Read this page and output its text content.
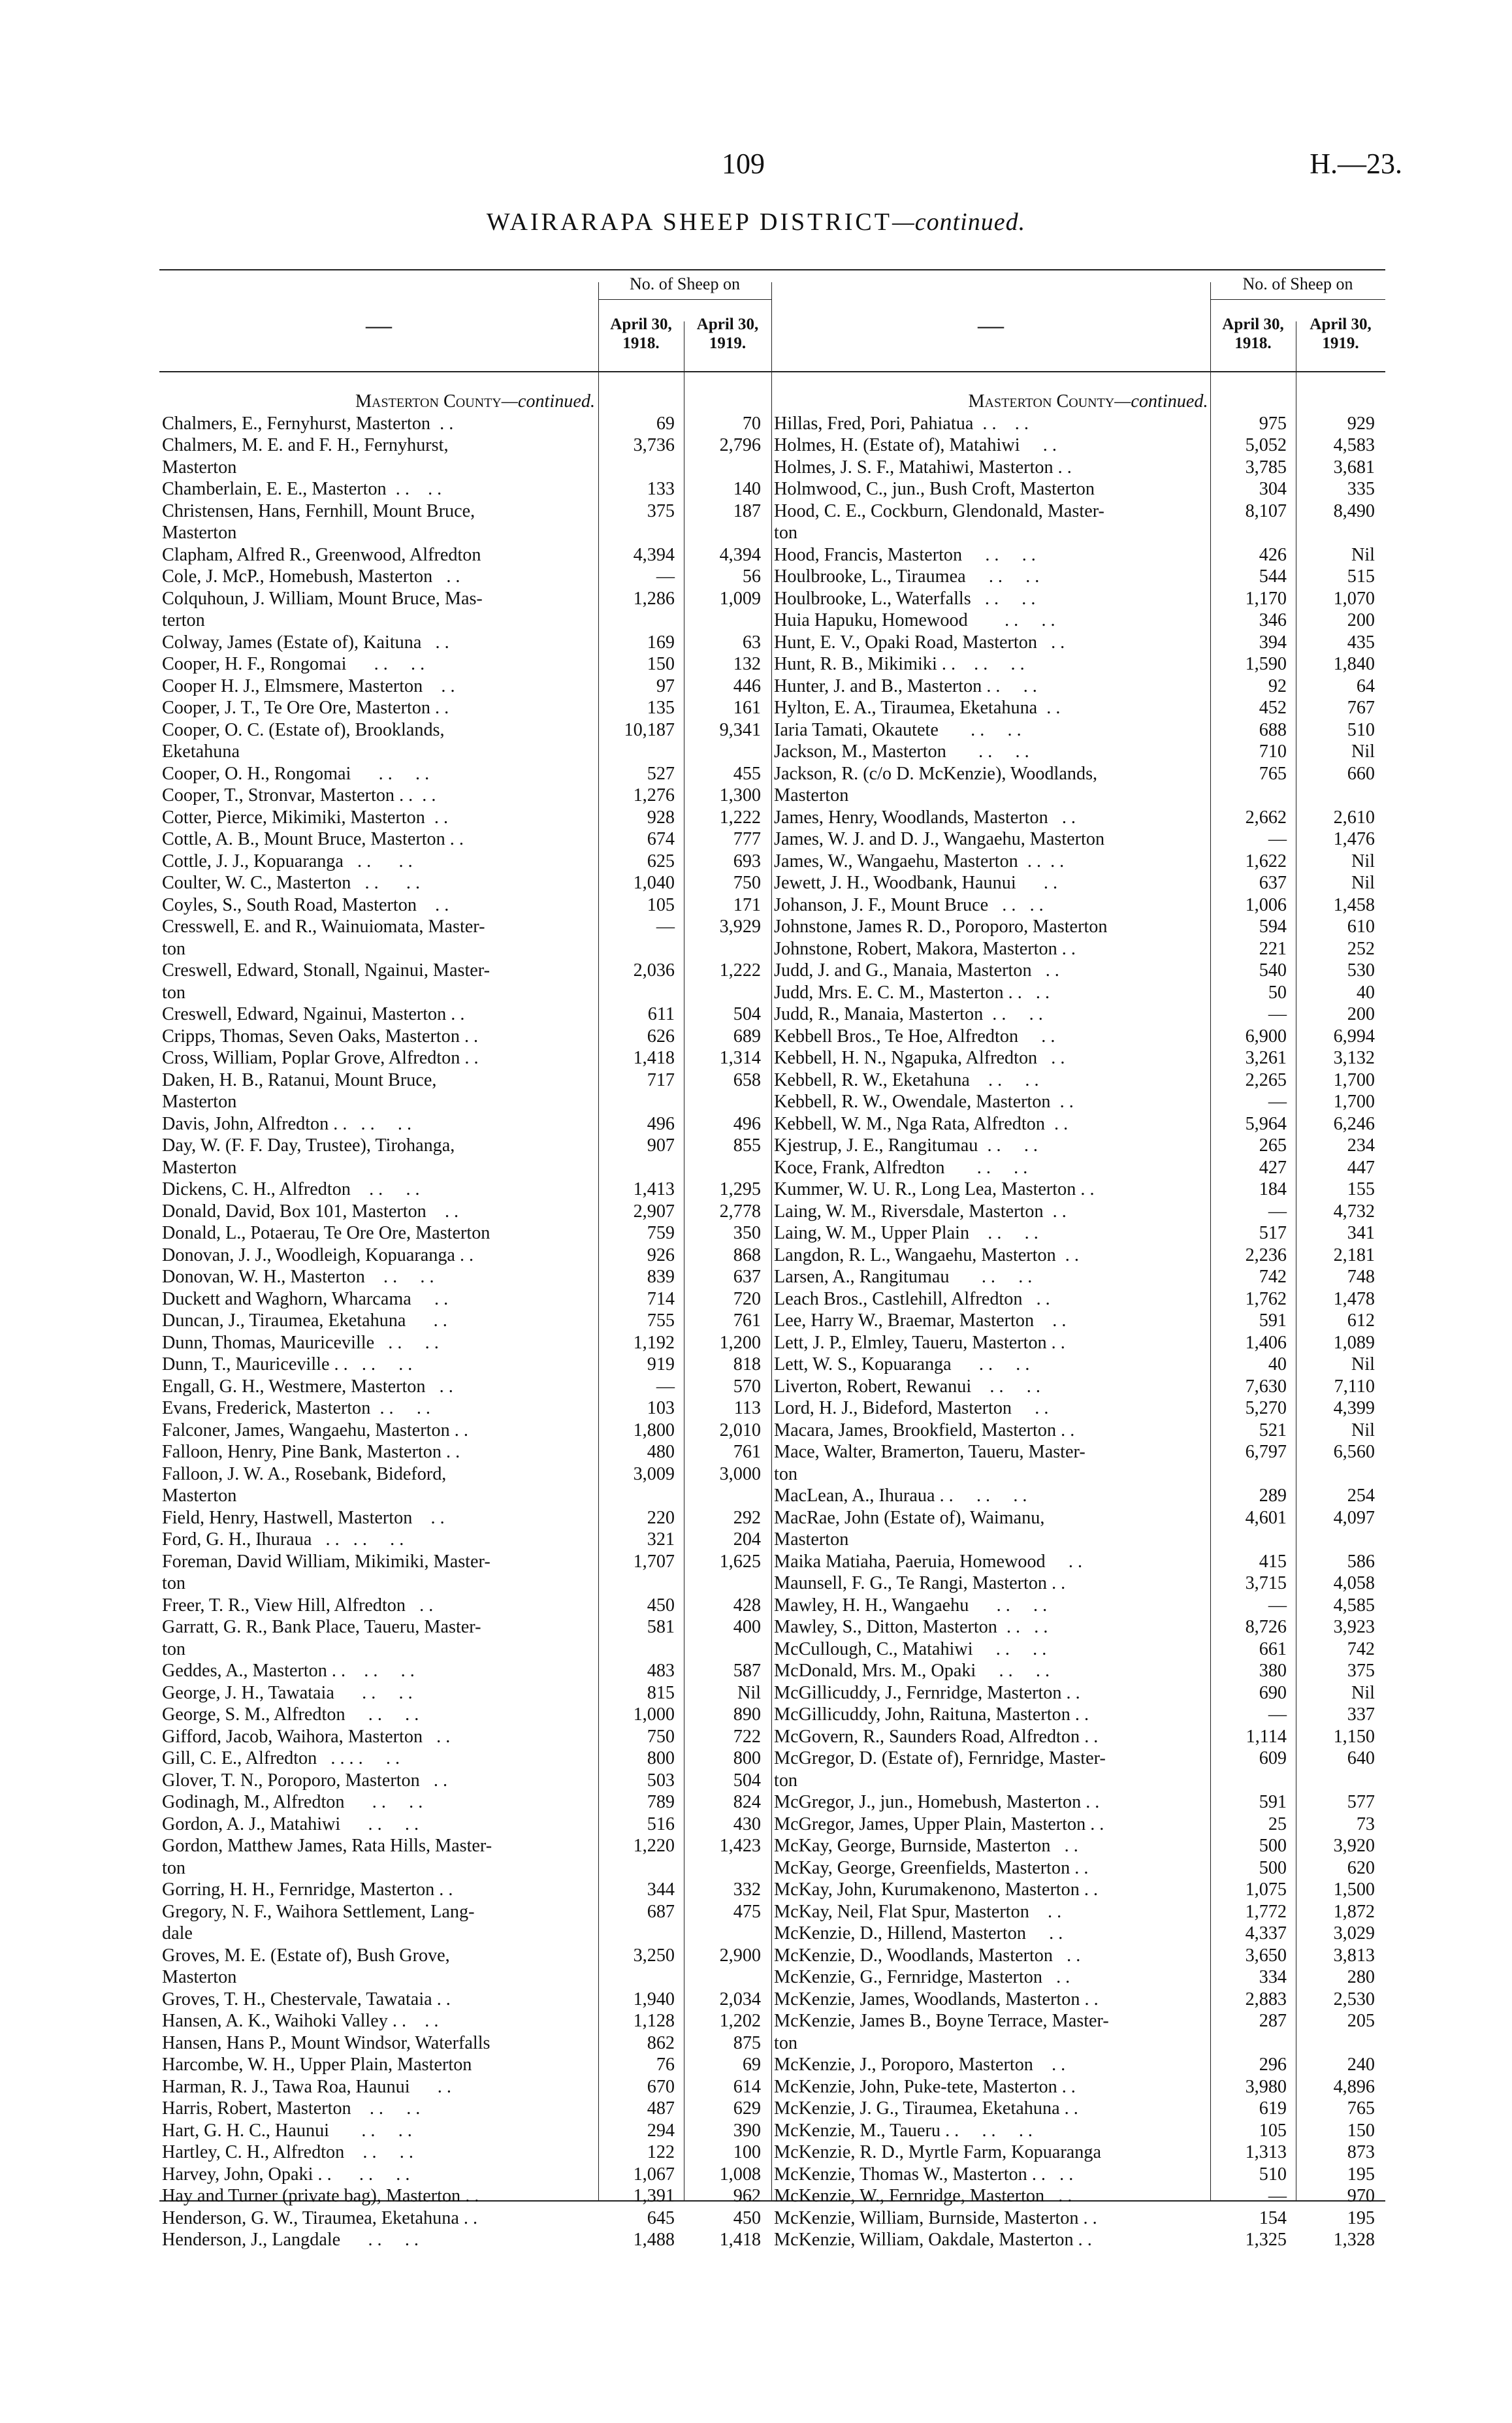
109	H.—23.
WAIRARAPA SHEEP DISTRICT—continued.
—
No. of Sheep on
April 30,
1918.
April 30,
1919.
Masterton County—continued.
Chalmers, E., Fernyhurst, Masterton  . .	69	70
Chalmers, M. E. and F. H., Fernyhurst,	3,736	2,796
Masterton
Chamberlain, E. E., Masterton  . .    . .	133	140
Christensen, Hans, Fernhill, Mount Bruce,	375	187
Masterton
Clapham, Alfred R., Greenwood, Alfredton	4,394	4,394
Cole, J. McP., Homebush, Masterton   . .	—	56
Colquhoun, J. William, Mount Bruce, Mas-	1,286	1,009
terton
Colway, James (Estate of), Kaituna   . .	169	63
Cooper, H. F., Rongomai      . .     . .	150	132
Cooper H. J., Elmsmere, Masterton    . .	97	446
Cooper, J. T., Te Ore Ore, Masterton . .	135	161
Cooper, O. C. (Estate of), Brooklands,	10,187	9,341
Eketahuna
Cooper, O. H., Rongomai      . .     . .	527	455
Cooper, T., Stronvar, Masterton . .  . .	1,276	1,300
Cotter, Pierce, Mikimiki, Masterton  . .	928	1,222
Cottle, A. B., Mount Bruce, Masterton . .	674	777
Cottle, J. J., Kopuaranga   . .      . .	625	693
Coulter, W. C., Masterton   . .      . .	1,040	750
Coyles, S., South Road, Masterton    . .	105	171
Cresswell, E. and R., Wainuiomata, Master-	—	3,929
ton
Creswell, Edward, Stonall, Ngainui, Master-	2,036	1,222
ton
Creswell, Edward, Ngainui, Masterton . .	611	504
Cripps, Thomas, Seven Oaks, Masterton . .	626	689
Cross, William, Poplar Grove, Alfredton . .	1,418	1,314
Daken, H. B., Ratanui, Mount Bruce,	717	658
Masterton
Davis, John, Alfredton . .   . .     . .	496	496
Day, W. (F. F. Day, Trustee), Tirohanga,	907	855
Masterton
Dickens, C. H., Alfredton    . .     . .	1,413	1,295
Donald, David, Box 101, Masterton    . .	2,907	2,778
Donald, L., Potaerau, Te Ore Ore, Masterton	759	350
Donovan, J. J., Woodleigh, Kopuaranga . .	926	868
Donovan, W. H., Masterton    . .     . .	839	637
Duckett and Waghorn, Wharcama     . .	714	720
Duncan, J., Tiraumea, Eketahuna      . .	755	761
Dunn, Thomas, Mauriceville   . .     . .	1,192	1,200
Dunn, T., Mauriceville . .   . .     . .	919	818
Engall, G. H., Westmere, Masterton   . .	—	570
Evans, Frederick, Masterton  . .     . .	103	113
Falconer, James, Wangaehu, Masterton . .	1,800	2,010
Falloon, Henry, Pine Bank, Masterton . .	480	761
Falloon, J. W. A., Rosebank, Bideford,	3,009	3,000
Masterton
Field, Henry, Hastwell, Masterton    . .	220	292
Ford, G. H., Ihuraua   . .   . .     . .	321	204
Foreman, David William, Mikimiki, Master-	1,707	1,625
ton
Freer, T. R., View Hill, Alfredton   . .	450	428
Garratt, G. R., Bank Place, Taueru, Master-	581	400
ton
Geddes, A., Masterton . .    . .     . .	483	587
George, J. H., Tawataia      . .     . .	815	Nil
George, S. M., Alfredton     . .     . .	1,000	890
Gifford, Jacob, Waihora, Masterton   . .	750	722
Gill, C. E., Alfredton   . . . .     . .	800	800
Glover, T. N., Poroporo, Masterton   . .	503	504
Godinagh, M., Alfredton      . .     . .	789	824
Gordon, A. J., Matahiwi      . .     . .	516	430
Gordon, Matthew James, Rata Hills, Master-	1,220	1,423
ton
Gorring, H. H., Fernridge, Masterton . .	344	332
Gregory, N. F., Waihora Settlement, Lang-	687	475
dale
Groves, M. E. (Estate of), Bush Grove,	3,250	2,900
Masterton
Groves, T. H., Chestervale, Tawataia . .	1,940	2,034
Hansen, A. K., Waihoki Valley . .    . .	1,128	1,202
Hansen, Hans P., Mount Windsor, Waterfalls	862	875
Harcombe, W. H., Upper Plain, Masterton	76	69
Harman, R. J., Tawa Roa, Haunui      . .	670	614
Harris, Robert, Masterton    . .     . .	487	629
Hart, G. H. C., Haunui       . .     . .	294	390
Hartley, C. H., Alfredton    . .     . .	122	100
Harvey, John, Opaki . .      . .     . .	1,067	1,008
Hay and Turner (private bag), Masterton . .	1,391	962
Henderson, G. W., Tiraumea, Eketahuna . .	645	450
Henderson, J., Langdale      . .     . .	1,488	1,418
—
No. of Sheep on
April 30,
1918.
April 30,
1919.
Masterton County—continued.
Hillas, Fred, Pori, Pahiatua  . .    . .	975	929
Holmes, H. (Estate of), Matahiwi     . .	5,052	4,583
Holmes, J. S. F., Matahiwi, Masterton . .	3,785	3,681
Holmwood, C., jun., Bush Croft, Masterton	304	335
Hood, C. E., Cockburn, Glendonald, Master-	8,107	8,490
ton
Hood, Francis, Masterton     . .     . .	426	Nil
Houlbrooke, L., Tiraumea     . .     . .	544	515
Houlbrooke, L., Waterfalls   . .     . .	1,170	1,070
Huia Hapuku, Homewood        . .     . .	346	200
Hunt, E. V., Opaki Road, Masterton   . .	394	435
Hunt, R. B., Mikimiki . .    . .     . .	1,590	1,840
Hunter, J. and B., Masterton . .     . .	92	64
Hylton, E. A., Tiraumea, Eketahuna  . .	452	767
Iaria Tamati, Okautete       . .     . .	688	510
Jackson, M., Masterton       . .     . .	710	Nil
Jackson, R. (c/o D. McKenzie), Woodlands,	765	660
Masterton
James, Henry, Woodlands, Masterton   . .	2,662	2,610
James, W. J. and D. J., Wangaehu, Masterton	—	1,476
James, W., Wangaehu, Masterton  . .  . .	1,622	Nil
Jewett, J. H., Woodbank, Haunui      . .	637	Nil
Johanson, J. F., Mount Bruce   . .   . .	1,006	1,458
Johnstone, James R. D., Poroporo, Masterton	594	610
Johnstone, Robert, Makora, Masterton . .	221	252
Judd, J. and G., Manaia, Masterton   . .	540	530
Judd, Mrs. E. C. M., Masterton . .   . .	50	40
Judd, R., Manaia, Masterton  . .     . .	—	200
Kebbell Bros., Te Hoe, Alfredton     . .	6,900	6,994
Kebbell, H. N., Ngapuka, Alfredton   . .	3,261	3,132
Kebbell, R. W., Eketahuna    . .     . .	2,265	1,700
Kebbell, R. W., Owendale, Masterton  . .	—	1,700
Kebbell, W. M., Nga Rata, Alfredton  . .	5,964	6,246
Kjestrup, J. E., Rangitumau  . .     . .	265	234
Koce, Frank, Alfredton       . .     . .	427	447
Kummer, W. U. R., Long Lea, Masterton . .	184	155
Laing, W. M., Riversdale, Masterton  . .	—	4,732
Laing, W. M., Upper Plain    . .     . .	517	341
Langdon, R. L., Wangaehu, Masterton  . .	2,236	2,181
Larsen, A., Rangitumau       . .     . .	742	748
Leach Bros., Castlehill, Alfredton   . .	1,762	1,478
Lee, Harry W., Braemar, Masterton    . .	591	612
Lett, J. P., Elmley, Taueru, Masterton . .	1,406	1,089
Lett, W. S., Kopuaranga      . .     . .	40	Nil
Liverton, Robert, Rewanui    . .     . .	7,630	7,110
Lord, H. J., Bideford, Masterton     . .	5,270	4,399
Macara, James, Brookfield, Masterton . .	521	Nil
Mace, Walter, Bramerton, Taueru, Master-	6,797	6,560
ton
MacLean, A., Ihuraua . .     . .     . .	289	254
MacRae, John (Estate of), Waimanu,	4,601	4,097
Masterton
Maika Matiaha, Paeruia, Homewood     . .	415	586
Maunsell, F. G., Te Rangi, Masterton . .	3,715	4,058
Mawley, H. H., Wangaehu      . .     . .	—	4,585
Mawley, S., Ditton, Masterton  . .   . .	8,726	3,923
McCullough, C., Matahiwi     . .     . .	661	742
McDonald, Mrs. M., Opaki     . .     . .	380	375
McGillicuddy, J., Fernridge, Masterton . .	690	Nil
McGillicuddy, John, Raituna, Masterton . .	—	337
McGovern, R., Saunders Road, Alfredton . .	1,114	1,150
McGregor, D. (Estate of), Fernridge, Master-	609	640
ton
McGregor, J., jun., Homebush, Masterton . .	591	577
McGregor, James, Upper Plain, Masterton . .	25	73
McKay, George, Burnside, Masterton   . .	500	3,920
McKay, George, Greenfields, Masterton . .	500	620
McKay, John, Kurumakenono, Masterton . .	1,075	1,500
McKay, Neil, Flat Spur, Masterton    . .	1,772	1,872
McKenzie, D., Hillend, Masterton     . .	4,337	3,029
McKenzie, D., Woodlands, Masterton   . .	3,650	3,813
McKenzie, G., Fernridge, Masterton   . .	334	280
McKenzie, James, Woodlands, Masterton . .	2,883	2,530
McKenzie, James B., Boyne Terrace, Master-	287	205
ton
McKenzie, J., Poroporo, Masterton    . .	296	240
McKenzie, John, Puke-tete, Masterton . .	3,980	4,896
McKenzie, J. G., Tiraumea, Eketahuna . .	619	765
McKenzie, M., Taueru . .     . .     . .	105	150
McKenzie, R. D., Myrtle Farm, Kopuaranga	1,313	873
McKenzie, Thomas W., Masterton . .   . .	510	195
McKenzie, W., Fernridge, Masterton   . .	—	970
McKenzie, William, Burnside, Masterton . .	154	195
McKenzie, William, Oakdale, Masterton . .	1,325	1,328
